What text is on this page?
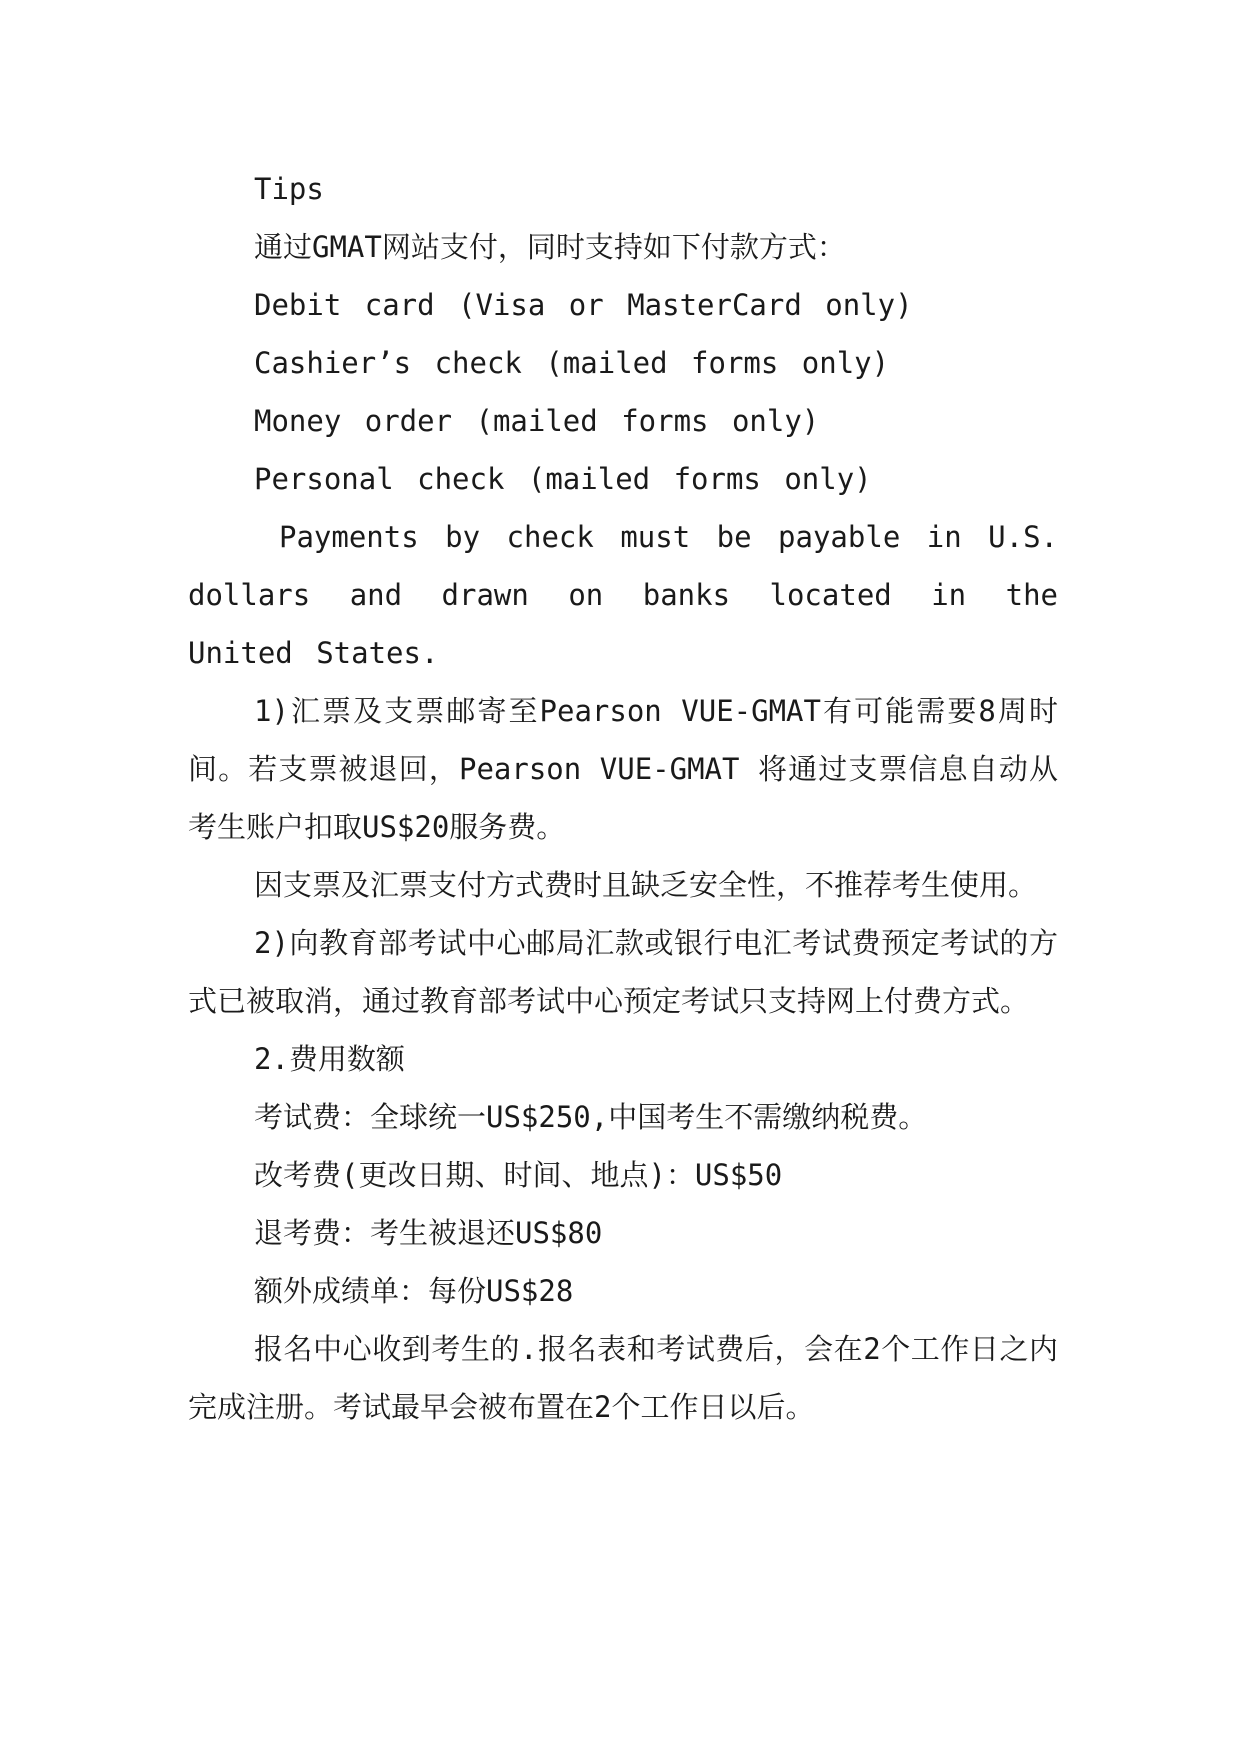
Tips

通过GMAT网站支付，同时支持如下付款方式：

Debit card (Visa or MasterCard only)

Cashier’s check (mailed forms only)

Money order (mailed forms only)

Personal check (mailed forms only)

Payments by check must be payable in U.S. dollars and drawn on banks located in the United States.

1)汇票及支票邮寄至Pearson VUE-GMAT有可能需要8周时间。若支票被退回，Pearson VUE-GMAT 将通过支票信息自动从考生账户扣取US$20服务费。

因支票及汇票支付方式费时且缺乏安全性，不推荐考生使用。

2)向教育部考试中心邮局汇款或银行电汇考试费预定考试的方式已被取消，通过教育部考试中心预定考试只支持网上付费方式。

2.费用数额

考试费：全球统一US$250,中国考生不需缴纳税费。

改考费(更改日期、时间、地点)：US$50

退考费：考生被退还US$80

额外成绩单：每份US$28

报名中心收到考生的.报名表和考试费后，会在2个工作日之内完成注册。考试最早会被布置在2个工作日以后。
